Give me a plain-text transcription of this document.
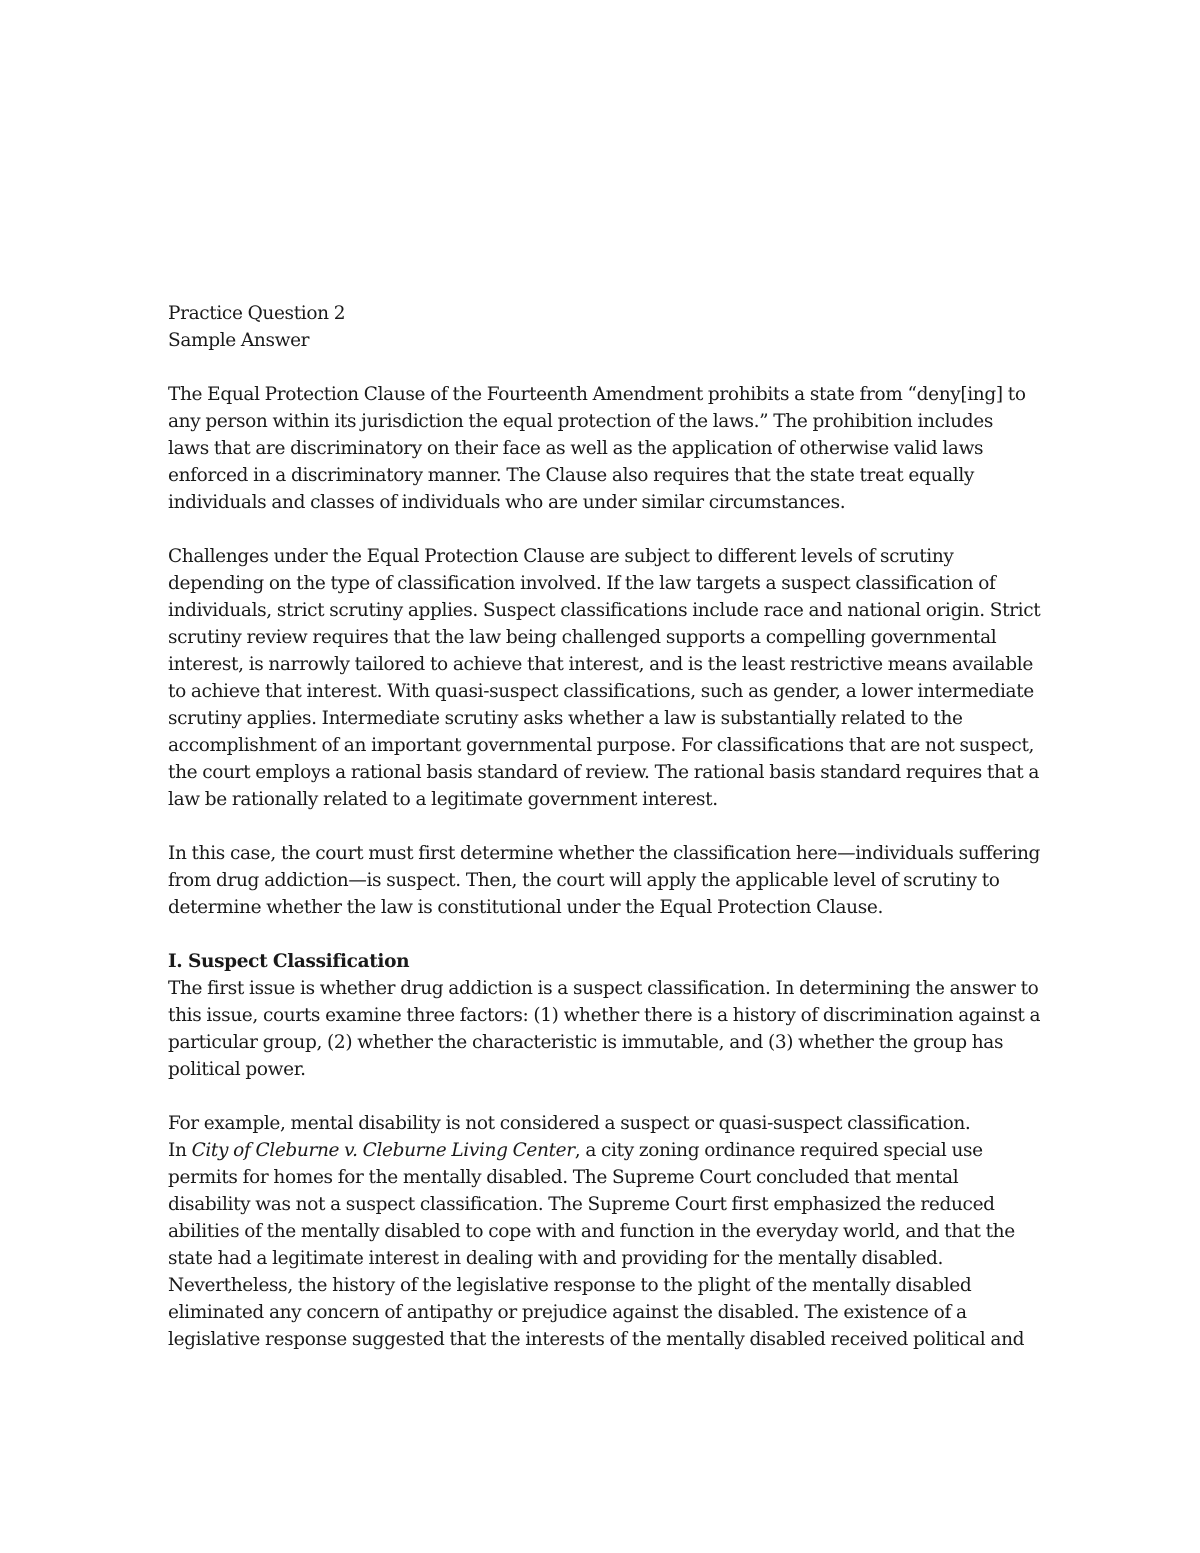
Practice Question 2
Sample Answer
The Equal Protection Clause of the Fourteenth Amendment prohibits a state from “deny[ing] to
any person within its jurisdiction the equal protection of the laws.” The prohibition includes
laws that are discriminatory on their face as well as the application of otherwise valid laws
enforced in a discriminatory manner. The Clause also requires that the state treat equally
individuals and classes of individuals who are under similar circumstances.
Challenges under the Equal Protection Clause are subject to different levels of scrutiny
depending on the type of classification involved. If the law targets a suspect classification of
individuals, strict scrutiny applies. Suspect classifications include race and national origin. Strict
scrutiny review requires that the law being challenged supports a compelling governmental
interest, is narrowly tailored to achieve that interest, and is the least restrictive means available
to achieve that interest. With quasi-suspect classifications, such as gender, a lower intermediate
scrutiny applies. Intermediate scrutiny asks whether a law is substantially related to the
accomplishment of an important governmental purpose. For classifications that are not suspect,
the court employs a rational basis standard of review. The rational basis standard requires that a
law be rationally related to a legitimate government interest.
In this case, the court must first determine whether the classification here—individuals suffering
from drug addiction—is suspect. Then, the court will apply the applicable level of scrutiny to
determine whether the law is constitutional under the Equal Protection Clause.
I. Suspect Classification
The first issue is whether drug addiction is a suspect classification. In determining the answer to
this issue, courts examine three factors: (1) whether there is a history of discrimination against a
particular group, (2) whether the characteristic is immutable, and (3) whether the group has
political power.
For example, mental disability is not considered a suspect or quasi-suspect classification.
In City of Cleburne v. Cleburne Living Center, a city zoning ordinance required special use
permits for homes for the mentally disabled. The Supreme Court concluded that mental
disability was not a suspect classification. The Supreme Court first emphasized the reduced
abilities of the mentally disabled to cope with and function in the everyday world, and that the
state had a legitimate interest in dealing with and providing for the mentally disabled.
Nevertheless, the history of the legislative response to the plight of the mentally disabled
eliminated any concern of antipathy or prejudice against the disabled. The existence of a
legislative response suggested that the interests of the mentally disabled received political and
